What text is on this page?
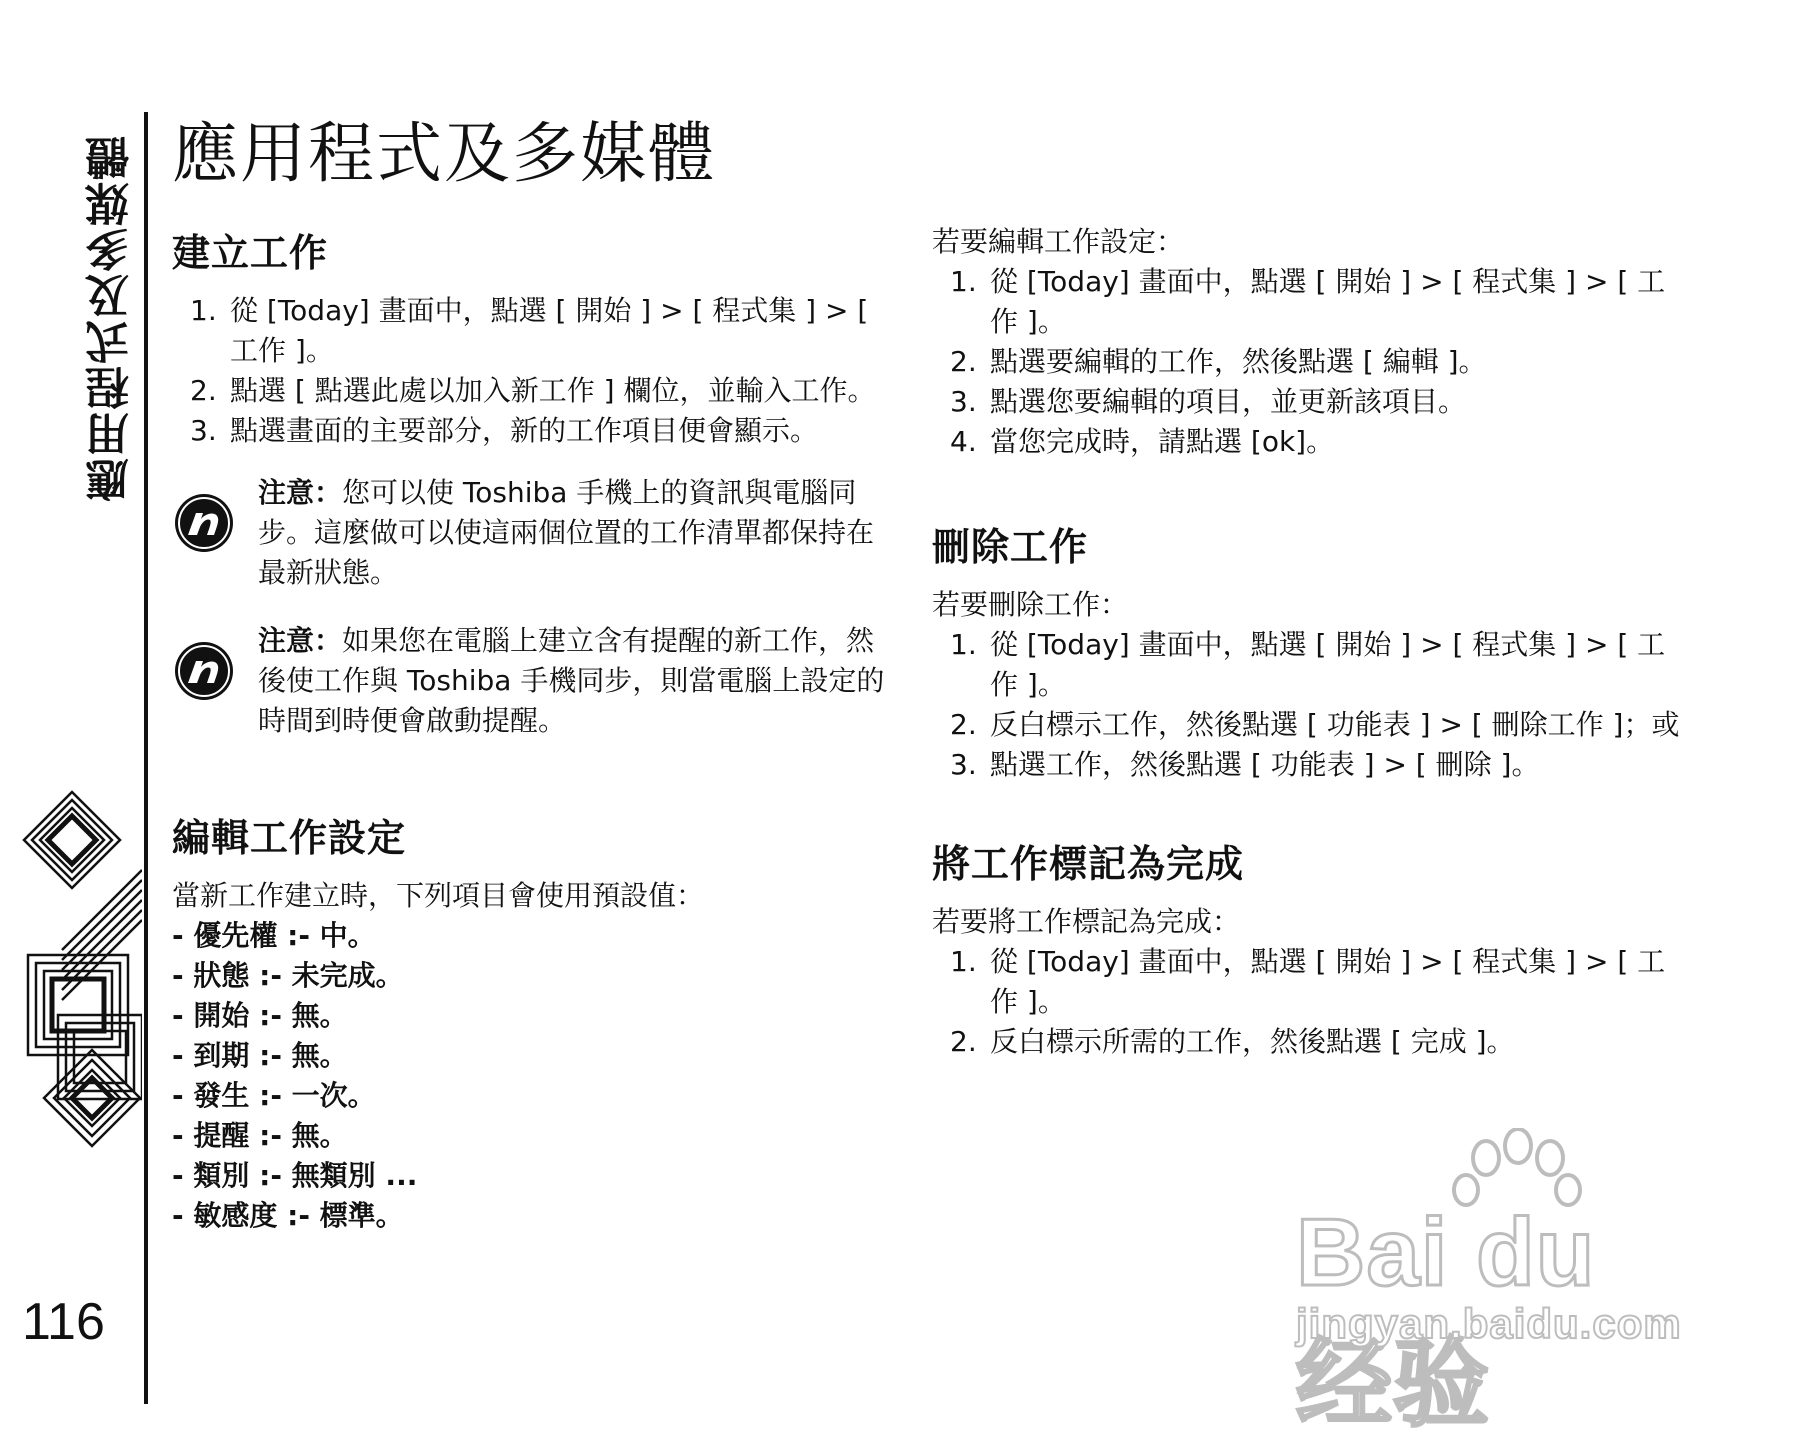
應用程式及多媒體
116
應用程式及多媒體
建立工作
1. 從 [Today] 畫面中，點選 [ 開始 ] > [ 程式集 ] > [ 工作 ]。
2. 點選 [ 點選此處以加入新工作 ] 欄位，並輸入工作。
3. 點選畫面的主要部分，新的工作項目便會顯示。
注意：您可以使 Toshiba 手機上的資訊與電腦同步。這麼做可以使這兩個位置的工作清單都保持在最新狀態。
注意：如果您在電腦上建立含有提醒的新工作，然後使工作與 Toshiba 手機同步，則當電腦上設定的時間到時便會啟動提醒。
編輯工作設定

當新工作建立時，下列項目會使用預設值：

- 優先權 :- 中。
- 狀態 :- 未完成。
- 開始 :- 無。
- 到期 :- 無。
- 發生 :- 一次。
- 提醒 :- 無。
- 類別 :- 無類別 ...
- 敏感度 :- 標準。

若要編輯工作設定：

1. 從 [Today] 畫面中，點選 [ 開始 ] > [ 程式集 ] > [ 工作 ]。
2. 點選要編輯的工作，然後點選 [ 編輯 ]。
3. 點選您要編輯的項目，並更新該項目。
4. 當您完成時，請點選 [ok]。
刪除工作

若要刪除工作：

1. 從 [Today] 畫面中，點選 [ 開始 ] > [ 程式集 ] > [ 工作 ]。
2. 反白標示工作，然後點選 [ 功能表 ] > [ 刪除工作 ]；或
3. 點選工作，然後點選 [ 功能表 ] > [ 刪除 ]。
將工作標記為完成

若要將工作標記為完成：

1. 從 [Today] 畫面中，點選 [ 開始 ] > [ 程式集 ] > [ 工作 ]。
2. 反白標示所需的工作，然後點選 [ 完成 ]。
Bai du 经验
jingyan.baidu.com
